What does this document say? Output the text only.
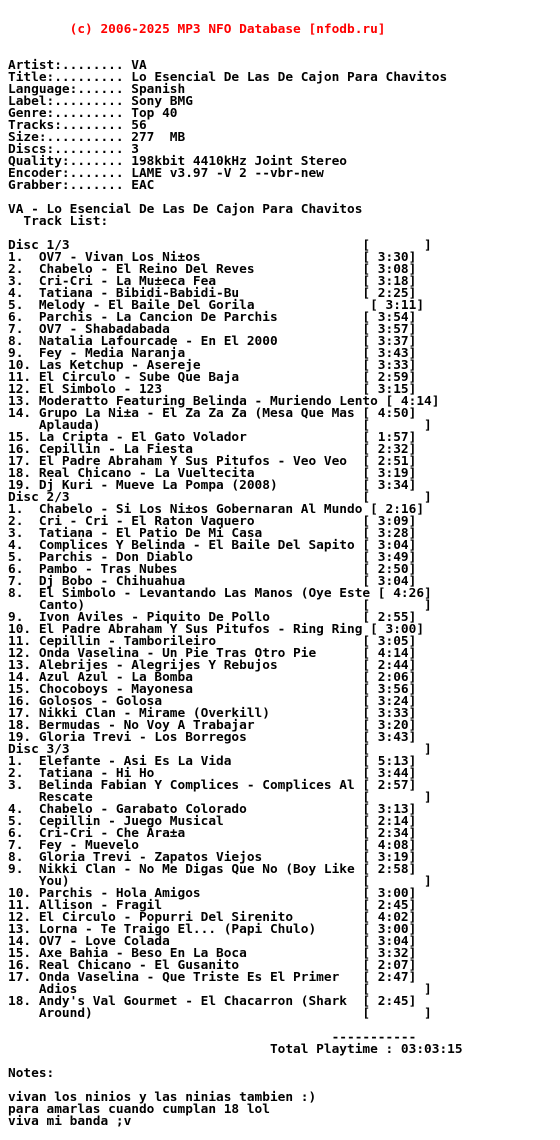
(c) 2006-2025 MP3 NFO Database [nfodb.ru]

Artist:........ VA
Title:......... Lo Esencial De Las De Cajon Para Chavitos
Language:...... Spanish
Label:......... Sony BMG
Genre:......... Top 40
Tracks:........ 56
Size:.......... 277  MB
Discs:......... 3
Quality:....... 198kbit 4410kHz Joint Stereo
Encoder:....... LAME v3.97 -V 2 --vbr-new
Grabber:....... EAC
VA - Lo Esencial De Las De Cajon Para Chavitos
Track List:
Disc 1/3                                      [       ]
1.  OV7 - Vivan Los Ni±os                     [ 3:30]
2.  Chabelo - El Reino Del Reves              [ 3:08]
3.  Cri-Cri - La Mu±eca Fea                   [ 3:18]
4.  Tatiana - Bibidi-Babidi-Bu                [ 2:25]
5.  Melody - El Baile Del Gorila               [ 3:11]
6.  Parchis - La Cancion De Parchis           [ 3:54]
7.  OV7 - Shabadabada                         [ 3:57]
8.  Natalia Lafourcade - En El 2000           [ 3:37]
9.  Fey - Media Naranja                       [ 3:43]
10. Las Ketchup - Asereje                     [ 3:33]
11. El Circulo - Sube Que Baja                [ 2:59]
12. El Simbolo - 123                          [ 3:15]
13. Moderatto Featuring Belinda - Muriendo Lento [ 4:14]
14. Grupo La Ni±a - El Za Za Za (Mesa Que Mas [ 4:50]
Aplauda)                                  [       ]
15. La Cripta - El Gato Volador               [ 1:57]
16. Cepillin - La Fiesta                      [ 2:32]
17. El Padre Abraham Y Sus Pitufos - Veo Veo  [ 2:51]
18. Real Chicano - La Vueltecita              [ 3:19]
19. Dj Kuri - Mueve La Pompa (2008)           [ 3:34]
Disc 2/3                                      [       ]
1.  Chabelo - Si Los Ni±os Gobernaran Al Mundo [ 2:16]
2.  Cri - Cri - El Raton Vaquero              [ 3:09]
3.  Tatiana - El Patio De Mi Casa             [ 3:28]
4.  Complices Y Belinda - El Baile Del Sapito [ 3:04]
5.  Parchis - Don Diablo                      [ 3:49]
6.  Pambo - Tras Nubes                        [ 2:50]
7.  Dj Bobo - Chihuahua                       [ 3:04]
8.  El Simbolo - Levantando Las Manos (Oye Este [ 4:26]
Canto)                                    [       ]
9.  Ivon Aviles - Piquito De Pollo            [ 2:55]
10. El Padre Abraham Y Sus Pitufos - Ring Ring [ 3:00]
11. Cepillin - Tamborileiro                   [ 3:05]
12. Onda Vaselina - Un Pie Tras Otro Pie      [ 4:14]
13. Alebrijes - Alegrijes Y Rebujos           [ 2:44]
14. Azul Azul - La Bomba                      [ 2:06]
15. Chocoboys - Mayonesa                      [ 3:56]
16. Golosos - Golosa                          [ 3:24]
17. Nikki Clan - Mirame (Overkill)            [ 3:33]
18. Bermudas - No Voy A Trabajar              [ 3:20]
19. Gloria Trevi - Los Borregos               [ 3:43]
Disc 3/3                                      [       ]
1.  Elefante - Asi Es La Vida                 [ 5:13]
2.  Tatiana - Hi Ho                           [ 3:44]
3.  Belinda Fabian Y Complices - Complices Al [ 2:57]
Rescate                                   [       ]
4.  Chabelo - Garabato Colorado               [ 3:13]
5.  Cepillin - Juego Musical                  [ 2:14]
6.  Cri-Cri - Che Ara±a                       [ 2:34]
7.  Fey - Muevelo                             [ 4:08]
8.  Gloria Trevi - Zapatos Viejos             [ 3:19]
9.  Nikki Clan - No Me Digas Que No (Boy Like [ 2:58]
You)                                      [       ]
10. Parchis - Hola Amigos                     [ 3:00]
11. Allison - Fragil                          [ 2:45]
12. El Circulo - Popurri Del Sirenito         [ 4:02]
13. Lorna - Te Traigo El... (Papi Chulo)      [ 3:00]
14. OV7 - Love Colada                         [ 3:04]
15. Axe Bahia - Beso En La Boca               [ 3:32]
16. Real Chicano - El Gusanito                [ 2:07]
17. Onda Vaselina - Que Triste Es El Primer   [ 2:47]
Adios                                     [       ]
18. Andy's Val Gourmet - El Chacarron (Shark  [ 2:45]
Around)                                   [       ]
-----------
Total Playtime : 03:03:15
Notes:
vivan los ninios y las ninias tambien :)
para amarlas cuando cumplan 18 lol
viva mi banda ;v
